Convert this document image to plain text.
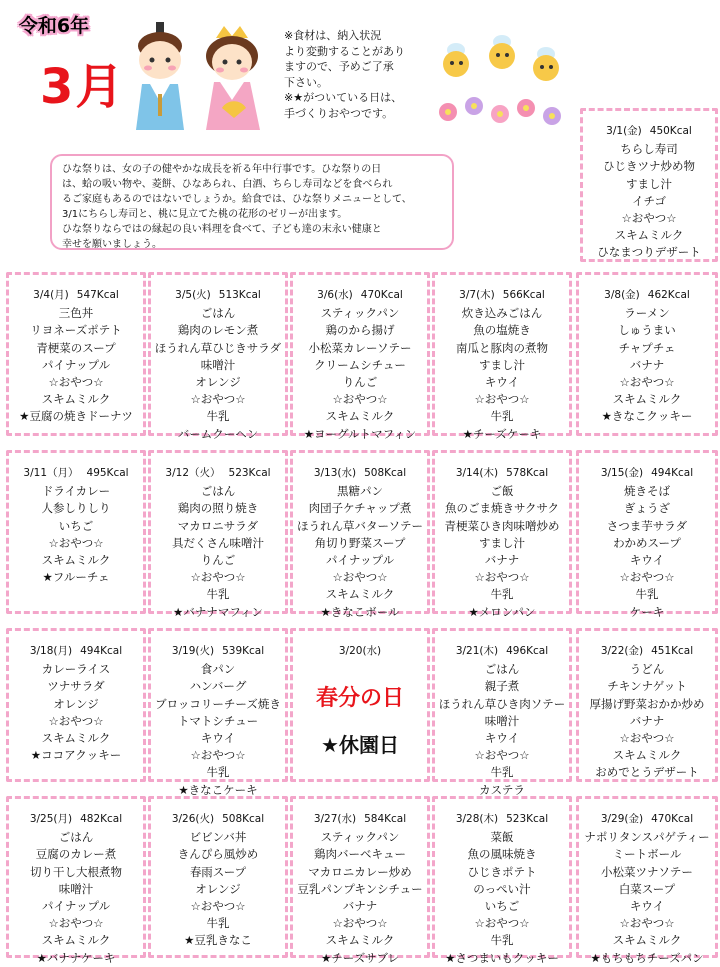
令和6年
3月
※食材は、納入状況
より変動することがあり
ますので、予めご了承
下さい。
※★がついている日は、
手づくりおやつです。
ひな祭りは、女の子の健やかな成長を祈る年中行事です。ひな祭りの日
は、蛤の吸い物や、菱餅、ひなあられ、白酒、ちらし寿司などを食べられ
るご家庭もあるのではないでしょうか。給食では、ひな祭りメニューとして、
3/1にちらし寿司と、桃に見立てた桃の花形のゼリーが出ます。
ひな祭りならではの縁起の良い料理を食べて、子ども達の末永い健康と
幸せを願いましょう。
3/1(金) 450Kcal
ちらし寿司
ひじきツナ炒め物
すまし汁
イチゴ
☆おやつ☆
スキムミルク
ひなまつりデザート
3/4(月) 547Kcal
三色丼
リヨネーズポテト
青梗菜のスープ
パイナップル
☆おやつ☆
スキムミルク
★豆腐の焼きドーナツ
3/5(火) 513Kcal
ごはん
鶏肉のレモン煮
ほうれん草ひじきサラダ
味噌汁
オレンジ
☆おやつ☆
牛乳
バームクーヘン
3/6(水) 470Kcal
スティックパン
鶏のから揚げ
小松菜カレーソテー
クリームシチュー
りんご
☆おやつ☆
スキムミルク
★ヨーグルトマフィン
3/7(木) 566Kcal
炊き込みごはん
魚の塩焼き
南瓜と豚肉の煮物
すまし汁
キウイ
☆おやつ☆
牛乳
★チーズケーキ
3/8(金) 462Kcal
ラーメン
しゅうまい
チャプチェ
バナナ
☆おやつ☆
スキムミルク
★きなこクッキー
3/11（月） 495Kcal
ドライカレー
人参しりしり
いちご
☆おやつ☆
スキムミルク
★フルーチェ
3/12（火） 523Kcal
ごはん
鶏肉の照り焼き
マカロニサラダ
具だくさん味噌汁
りんご
☆おやつ☆
牛乳
★バナナマフィン
3/13(水) 508Kcal
黒糖パン
肉団子ケチャップ煮
ほうれん草バターソテー
角切り野菜スープ
パイナップル
☆おやつ☆
スキムミルク
★きなこボール
3/14(木) 578Kcal
ご飯
魚のごま焼きサクサク
青梗菜ひき肉味噌炒め
すまし汁
バナナ
☆おやつ☆
牛乳
★メロンパン
3/15(金) 494Kcal
焼きそば
ぎょうざ
さつま芋サラダ
わかめスープ
キウイ
☆おやつ☆
牛乳
ケーキ
3/18(月) 494Kcal
カレーライス
ツナサラダ
オレンジ
☆おやつ☆
スキムミルク
★ココアクッキー
3/19(火) 539Kcal
食パン
ハンバーグ
ブロッコリーチーズ焼き
トマトシチュー
キウイ
☆おやつ☆
牛乳
★きなこケーキ
3/20(水)
春分の日
★休園日
3/21(木) 496Kcal
ごはん
親子煮
ほうれん草ひき肉ソテー
味噌汁
キウイ
☆おやつ☆
牛乳
カステラ
3/22(金) 451Kcal
うどん
チキンナゲット
厚揚げ野菜おかか炒め
バナナ
☆おやつ☆
スキムミルク
おめでとうデザート
3/25(月) 482Kcal
ごはん
豆腐のカレー煮
切り干し大根煮物
味噌汁
パイナップル
☆おやつ☆
スキムミルク
★バナナケーキ
3/26(火) 508Kcal
ビビンバ丼
きんぴら風炒め
春雨スープ
オレンジ
☆おやつ☆
牛乳
★豆乳きなこ
3/27(水) 584Kcal
スティックパン
鶏肉バーベキュー
マカロニカレー炒め
豆乳パンプキンシチュー
バナナ
☆おやつ☆
スキムミルク
★チーズサブレ
3/28(木) 523Kcal
菜飯
魚の風味焼き
ひじきポテト
のっぺい汁
いちご
☆おやつ☆
牛乳
★さつまいもクッキー
3/29(金) 470Kcal
ナポリタンスパゲティー
ミートボール
小松菜ツナソテー
白菜スープ
キウイ
☆おやつ☆
スキムミルク
★もちもちチーズパン
